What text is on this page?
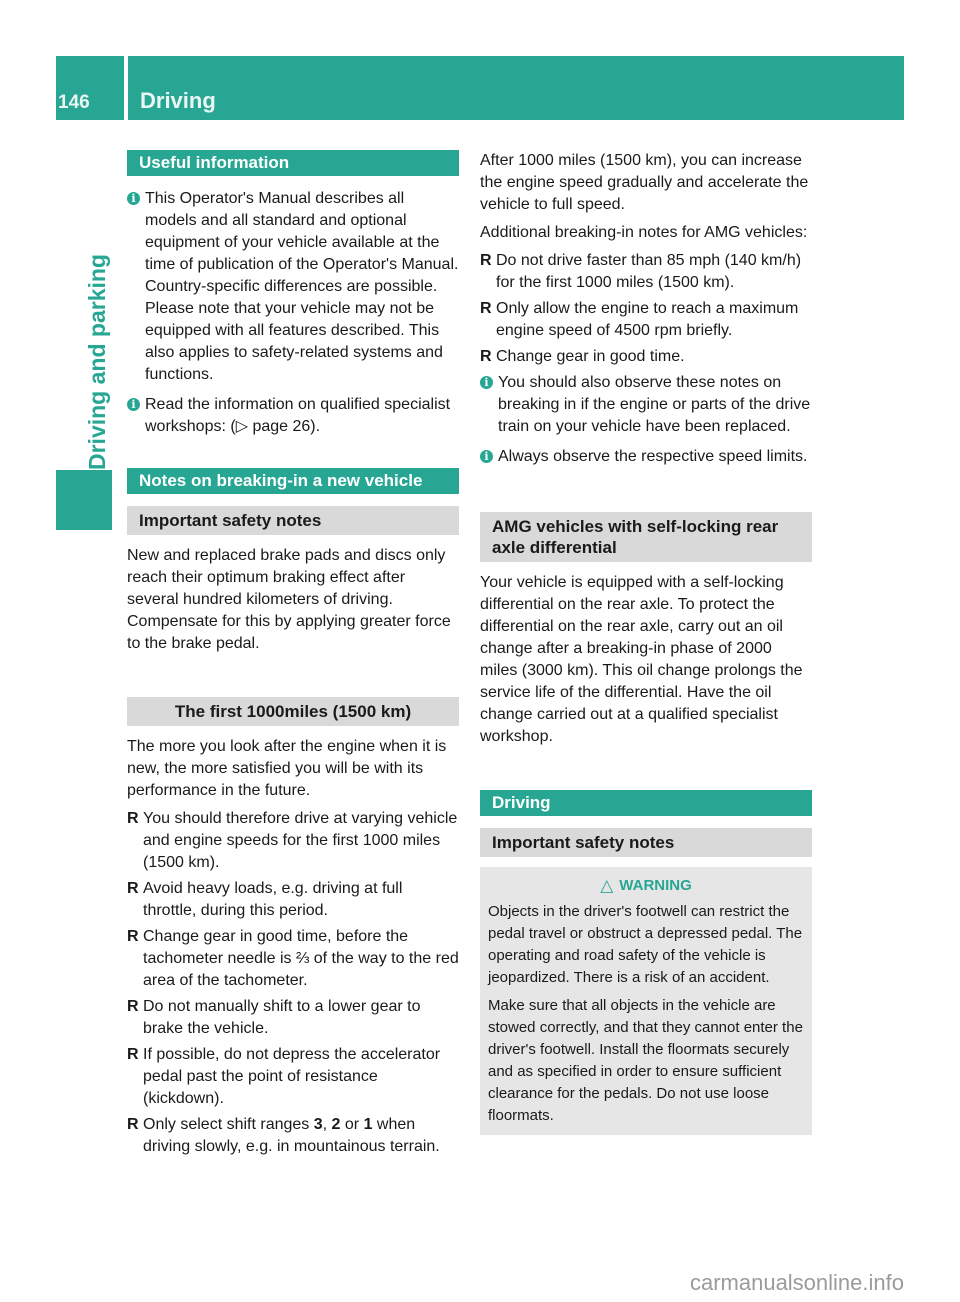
146	Driving
Driving and parking
Useful information
i This Operator's Manual describes all models and all standard and optional equipment of your vehicle available at the time of publication of the Operator's Manual. Country-specific differences are possible. Please note that your vehicle may not be equipped with all features described. This also applies to safety-related systems and functions.
i Read the information on qualified specialist workshops: (▷ page 26).
Notes on breaking-in a new vehicle
Important safety notes

New and replaced brake pads and discs only reach their optimum braking effect after several hundred kilometers of driving. Compensate for this by applying greater force to the brake pedal.

The first 1000miles (1500 km)

The more you look after the engine when it is new, the more satisfied you will be with its performance in the future.

R You should therefore drive at varying vehicle and engine speeds for the first 1000 miles (1500 km).
R Avoid heavy loads, e.g. driving at full throttle, during this period.
R Change gear in good time, before the tachometer needle is ⅔ of the way to the red area of the tachometer.
R Do not manually shift to a lower gear to brake the vehicle.
R If possible, do not depress the accelerator pedal past the point of resistance (kickdown).
R Only select shift ranges 3, 2 or 1 when driving slowly, e.g. in mountainous terrain.

After 1000 miles (1500 km), you can increase the engine speed gradually and accelerate the vehicle to full speed.

Additional breaking-in notes for AMG vehicles:

R Do not drive faster than 85 mph (140 km/h) for the first 1000 miles (1500 km).
R Only allow the engine to reach a maximum engine speed of 4500 rpm briefly.
R Change gear in good time.
i You should also observe these notes on breaking in if the engine or parts of the drive train on your vehicle have been replaced.
i Always observe the respective speed limits.
AMG vehicles with self-locking rear axle differential

Your vehicle is equipped with a self-locking differential on the rear axle. To protect the differential on the rear axle, carry out an oil change after a breaking-in phase of 2000 miles (3000 km). This oil change prolongs the service life of the differential. Have the oil change carried out at a qualified specialist workshop.

Driving
Important safety notes
△ WARNING

Objects in the driver's footwell can restrict the pedal travel or obstruct a depressed pedal. The operating and road safety of the vehicle is jeopardized. There is a risk of an accident.

Make sure that all objects in the vehicle are stowed correctly, and that they cannot enter the driver's footwell. Install the floormats securely and as specified in order to ensure sufficient clearance for the pedals. Do not use loose floormats.

carmanualsonline.info
